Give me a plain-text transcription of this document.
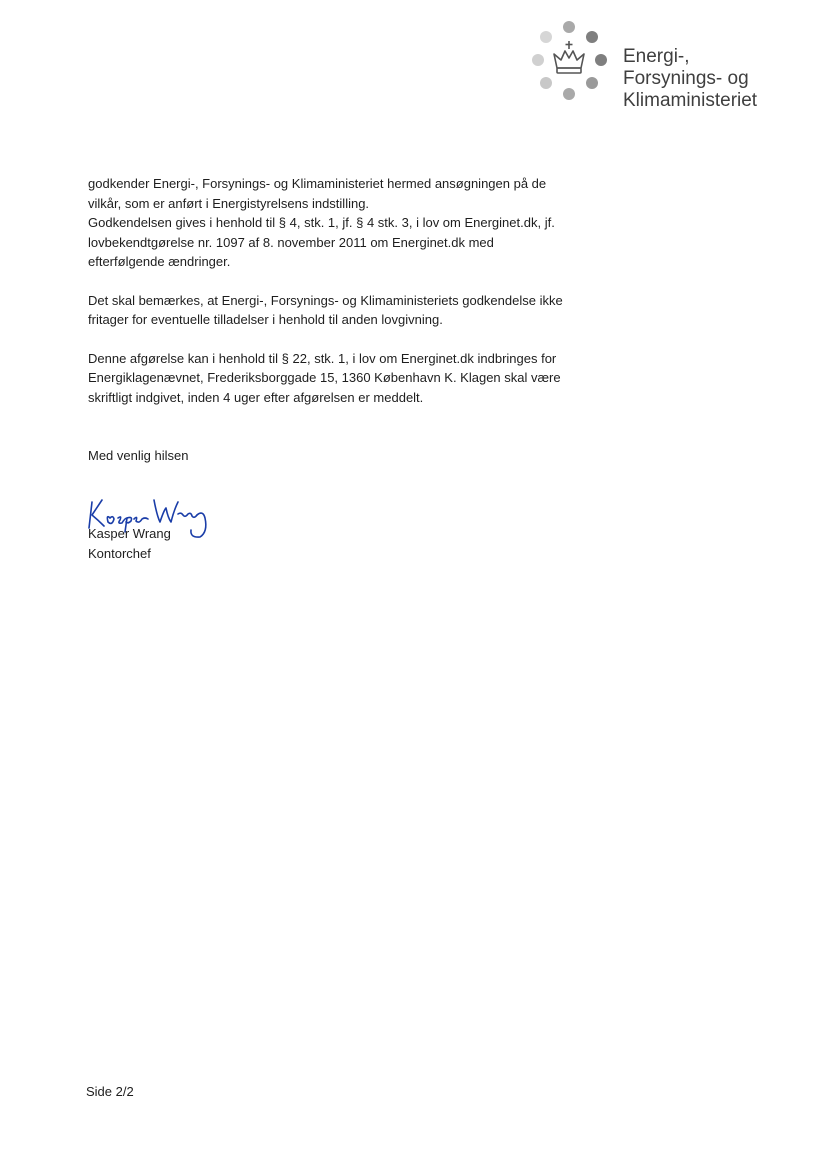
Energi-,
Forsynings- og
Klimaministeriet

godkender Energi-, Forsynings- og Klimaministeriet hermed ansøgningen på de
vilkår, som er anført i Energistyrelsens indstilling.
Godkendelsen gives i henhold til § 4, stk. 1, jf. § 4 stk. 3, i lov om Energinet.dk, jf.
lovbekendtgørelse nr. 1097 af 8. november 2011 om Energinet.dk med
efterfølgende ændringer.

Det skal bemærkes, at Energi-, Forsynings- og Klimaministeriets godkendelse ikke
fritager for eventuelle tilladelser i henhold til anden lovgivning.

Denne afgørelse kan i henhold til § 22, stk. 1, i lov om Energinet.dk indbringes for
Energiklagenævnet, Frederiksborggade 15, 1360 København K. Klagen skal være
skriftligt indgivet, inden 4 uger efter afgørelsen er meddelt.

Med venlig hilsen
Kasper Wrang
Kontorchef
Side 2/2
